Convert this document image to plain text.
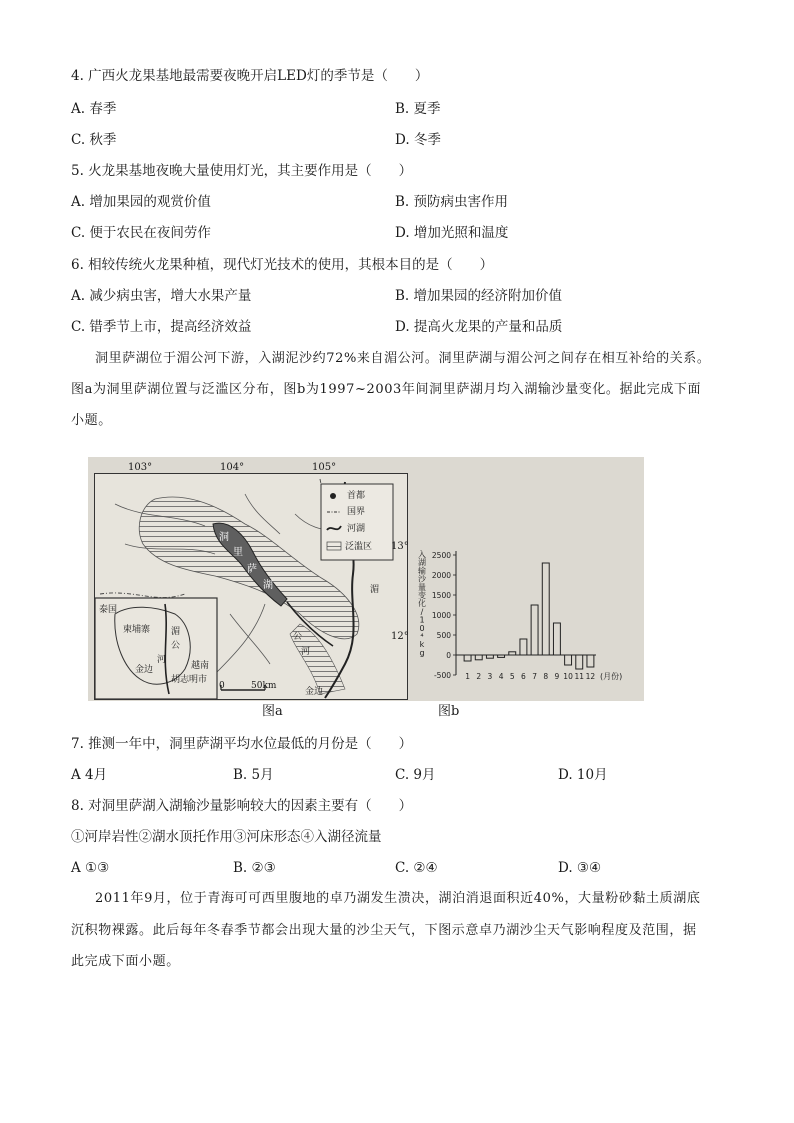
4. 广西火龙果基地最需要夜晚开启LED灯的季节是（　　）
A. 春季	B. 夏季
C. 秋季	D. 冬季
5. 火龙果基地夜晚大量使用灯光，其主要作用是（　　）
A. 增加果园的观赏价值	B. 预防病虫害作用
C. 便于农民在夜间劳作	D. 增加光照和温度
6. 相较传统火龙果种植，现代灯光技术的使用，其根本目的是（　　）
A. 减少病虫害，增大水果产量	B. 增加果园的经济附加价值
C. 错季节上市，提高经济效益	D. 提高火龙果的产量和品质
洞里萨湖位于湄公河下游，入湖泥沙约72%来自湄公河。洞里萨湖与湄公河之间存在相互补给的关系。
图a为洞里萨湖位置与泛滥区分布，图b为1997~2003年间洞里萨湖月均入湖输沙量变化。据此完成下面
小题。
洞
里
萨
湖
首都
国界
河湖
泛滥区
湄
公
河
金边
泰国
柬埔寨 湄
公
河
金边	越南
胡志明市
0	50km
103°	104°	105°
13°
12°
-500
0
500
1000
1500
2000
2500
1 2 3 4 5 6 7 8 9 10 11 12 (月份)
入
湖
输
沙
量
变
化
/
1
0
⁴
k
g
图a	图b
7. 推测一年中，洞里萨湖平均水位最低的月份是（　　）
A 4月	B. 5月	C. 9月	D. 10月
8. 对洞里萨湖入湖输沙量影响较大的因素主要有（　　）
①河岸岩性②湖水顶托作用③河床形态④入湖径流量
A ①③	B. ②③	C. ②④	D. ③④
2011年9月，位于青海可可西里腹地的卓乃湖发生溃决，湖泊消退面积近40%，大量粉砂黏土质湖底
沉积物裸露。此后每年冬春季节都会出现大量的沙尘天气，下图示意卓乃湖沙尘天气影响程度及范围，据
此完成下面小题。
